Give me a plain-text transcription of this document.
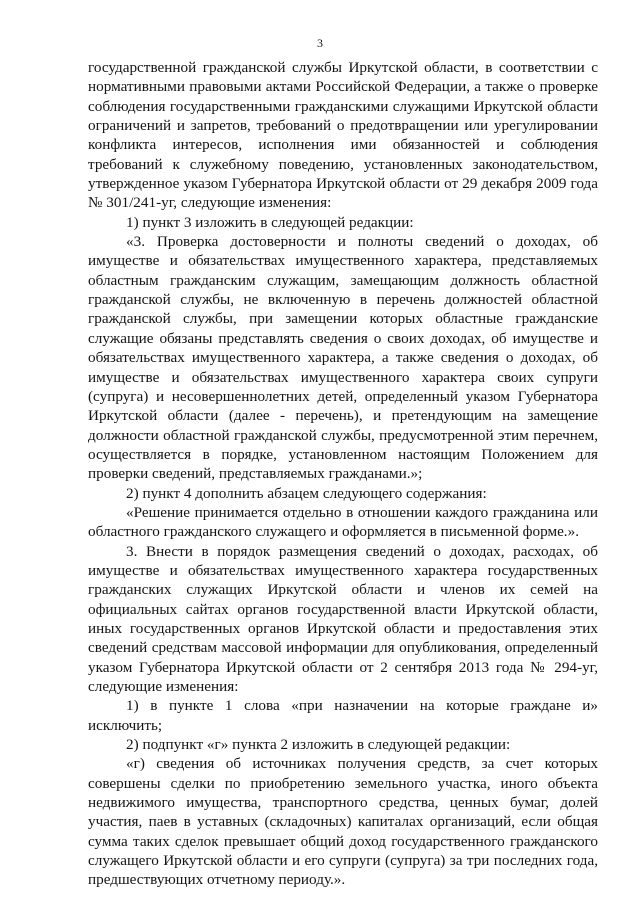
3

государственной гражданской службы Иркутской области, в соответствии с нормативными правовыми актами Российской Федерации, а также о проверке соблюдения государственными гражданскими служащими Иркутской области ограничений и запретов, требований о предотвращении или урегулировании конфликта интересов, исполнения ими обязанностей и соблюдения требований к служебному поведению, установленных законодательством, утвержденное указом Губернатора Иркутской области от 29 декабря 2009 года № 301/241-уг, следующие изменения:

1) пункт 3 изложить в следующей редакции:

«3. Проверка достоверности и полноты сведений о доходах, об имуществе и обязательствах имущественного характера, представляемых областным гражданским служащим, замещающим должность областной гражданской службы, не включенную в перечень должностей областной гражданской службы, при замещении которых областные гражданские служащие обязаны представлять сведения о своих доходах, об имуществе и обязательствах имущественного характера, а также сведения о доходах, об имуществе и обязательствах имущественного характера своих супруги (супруга) и несовершеннолетних детей, определенный указом Губернатора Иркутской области (далее - перечень), и претендующим на замещение должности областной гражданской службы, предусмотренной этим перечнем, осуществляется в порядке, установленном настоящим Положением для проверки сведений, представляемых гражданами.»;

2) пункт 4 дополнить абзацем следующего содержания:

«Решение принимается отдельно в отношении каждого гражданина или областного гражданского служащего и оформляется в письменной форме.».

3. Внести в порядок размещения сведений о доходах, расходах, об имуществе и обязательствах имущественного характера государственных гражданских служащих Иркутской области и членов их семей на официальных сайтах органов государственной власти Иркутской области, иных государственных органов Иркутской области и предоставления этих сведений средствам массовой информации для опубликования, определенный указом Губернатора Иркутской области от 2 сентября 2013 года № 294-уг, следующие изменения:

1) в пункте 1 слова «при назначении на которые граждане и» исключить;

2) подпункт «г» пункта 2 изложить в следующей редакции:

«г) сведения об источниках получения средств, за счет которых совершены сделки по приобретению земельного участка, иного объекта недвижимого имущества, транспортного средства, ценных бумаг, долей участия, паев в уставных (складочных) капиталах организаций, если общая сумма таких сделок превышает общий доход государственного гражданского служащего Иркутской области и его супруги (супруга) за три последних года, предшествующих отчетному периоду.».
